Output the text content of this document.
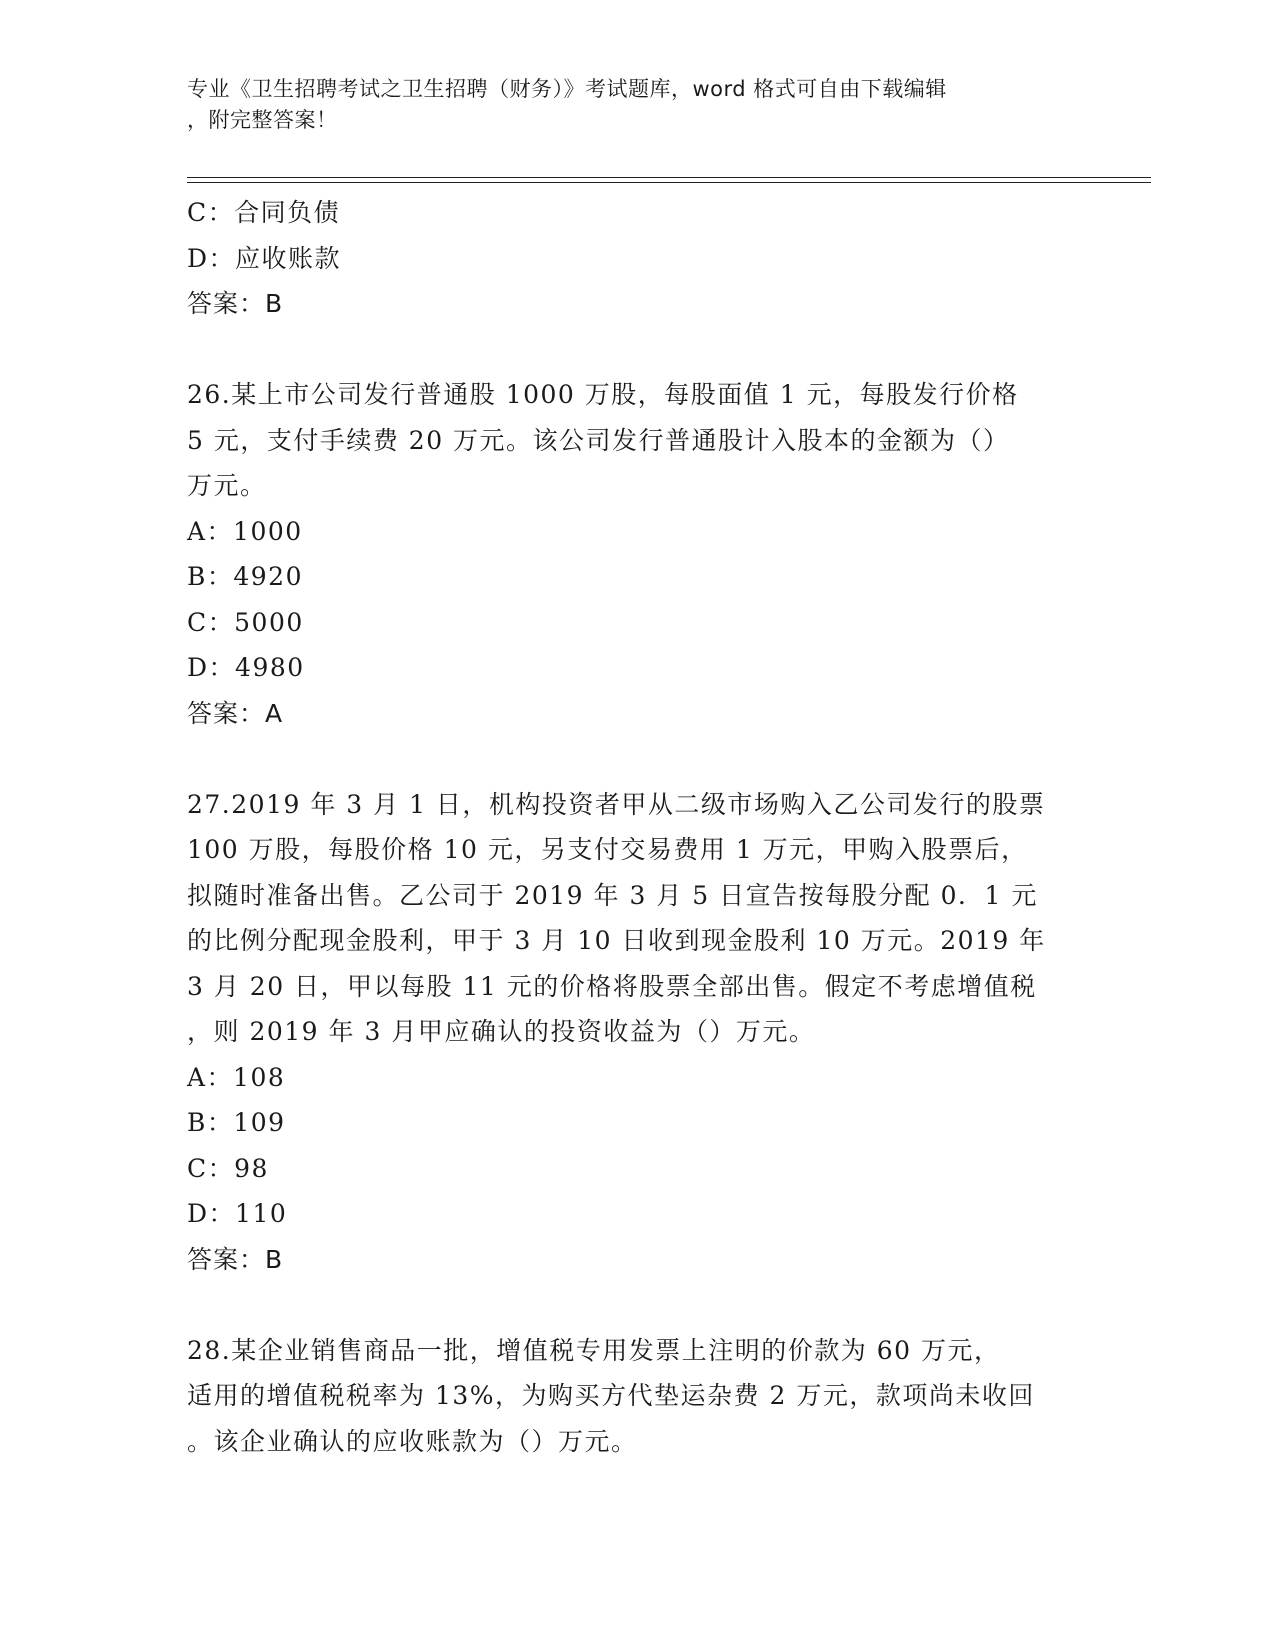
专业《卫生招聘考试之卫生招聘（财务）》考试题库，word 格式可自由下载编辑
，附完整答案！
C：合同负债
D：应收账款
答案：B
26.某上市公司发行普通股 1000 万股，每股面值 1 元，每股发行价格
5 元，支付手续费 20 万元。该公司发行普通股计入股本的金额为（）
万元。
A：1000
B：4920
C：5000
D：4980
答案：A
27.2019 年 3 月 1 日，机构投资者甲从二级市场购入乙公司发行的股票
100 万股，每股价格 10 元，另支付交易费用 1 万元，甲购入股票后，
拟随时准备出售。乙公司于 2019 年 3 月 5 日宣告按每股分配 0．1 元
的比例分配现金股利，甲于 3 月 10 日收到现金股利 10 万元。2019 年
3 月 20 日，甲以每股 11 元的价格将股票全部出售。假定不考虑增值税
，则 2019 年 3 月甲应确认的投资收益为（）万元。
A：108
B：109
C：98
D：110
答案：B
28.某企业销售商品一批，增值税专用发票上注明的价款为 60 万元，
适用的增值税税率为 13%，为购买方代垫运杂费 2 万元，款项尚未收回
。该企业确认的应收账款为（）万元。
